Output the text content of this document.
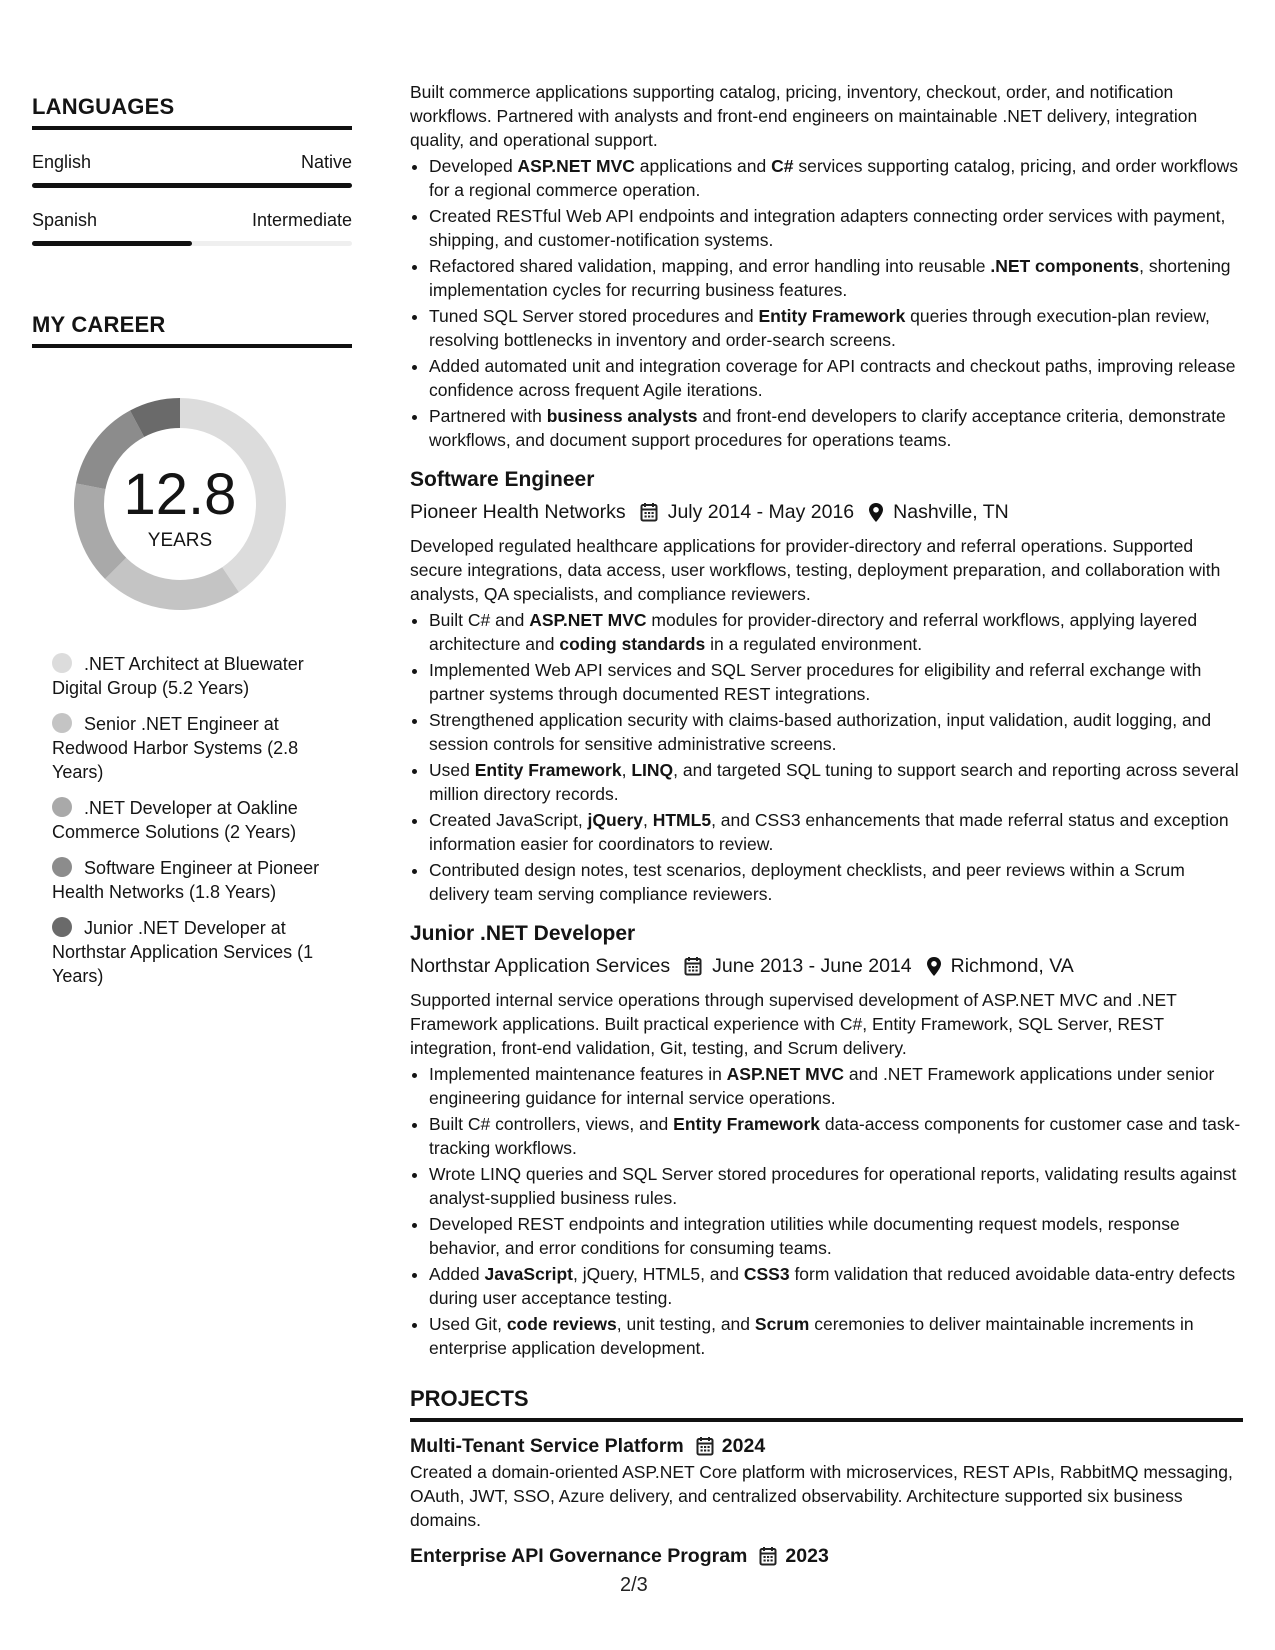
LANGUAGES
English	Native
Spanish	Intermediate
MY CAREER
12.8
YEARS
.NET Architect at Bluewater Digital Group (5.2 Years)
Senior .NET Engineer at Redwood Harbor Systems (2.8 Years)
.NET Developer at Oakline Commerce Solutions (2 Years)
Software Engineer at Pioneer Health Networks (1.8 Years)
Junior .NET Developer at Northstar Application Services (1 Years)

Built commerce applications supporting catalog, pricing, inventory, checkout, order, and notification workflows. Partnered with analysts and front-end engineers on maintainable .NET delivery, integration quality, and operational support.

• Developed ASP.NET MVC applications and C# services supporting catalog, pricing, and order workflows for a regional commerce operation.
• Created RESTful Web API endpoints and integration adapters connecting order services with payment, shipping, and customer-notification systems.
• Refactored shared validation, mapping, and error handling into reusable .NET components, shortening implementation cycles for recurring business features.
• Tuned SQL Server stored procedures and Entity Framework queries through execution-plan review, resolving bottlenecks in inventory and order-search screens.
• Added automated unit and integration coverage for API contracts and checkout paths, improving release confidence across frequent Agile iterations.
• Partnered with business analysts and front-end developers to clarify acceptance criteria, demonstrate workflows, and document support procedures for operations teams.
Software Engineer
Pioneer Health Networks July 2014 - May 2016 Nashville, TN

Developed regulated healthcare applications for provider-directory and referral operations. Supported secure integrations, data access, user workflows, testing, deployment preparation, and collaboration with analysts, QA specialists, and compliance reviewers.

• Built C# and ASP.NET MVC modules for provider-directory and referral workflows, applying layered architecture and coding standards in a regulated environment.
• Implemented Web API services and SQL Server procedures for eligibility and referral exchange with partner systems through documented REST integrations.
• Strengthened application security with claims-based authorization, input validation, audit logging, and session controls for sensitive administrative screens.
• Used Entity Framework, LINQ, and targeted SQL tuning to support search and reporting across several million directory records.
• Created JavaScript, jQuery, HTML5, and CSS3 enhancements that made referral status and exception information easier for coordinators to review.
• Contributed design notes, test scenarios, deployment checklists, and peer reviews within a Scrum delivery team serving compliance reviewers.
Junior .NET Developer
Northstar Application Services June 2013 - June 2014 Richmond, VA

Supported internal service operations through supervised development of ASP.NET MVC and .NET Framework applications. Built practical experience with C#, Entity Framework, SQL Server, REST integration, front-end validation, Git, testing, and Scrum delivery.

• Implemented maintenance features in ASP.NET MVC and .NET Framework applications under senior engineering guidance for internal service operations.
• Built C# controllers, views, and Entity Framework data-access components for customer case and task-tracking workflows.
• Wrote LINQ queries and SQL Server stored procedures for operational reports, validating results against analyst-supplied business rules.
• Developed REST endpoints and integration utilities while documenting request models, response behavior, and error conditions for consuming teams.
• Added JavaScript, jQuery, HTML5, and CSS3 form validation that reduced avoidable data-entry defects during user acceptance testing.
• Used Git, code reviews, unit testing, and Scrum ceremonies to deliver maintainable increments in enterprise application development.
PROJECTS
Multi-Tenant Service Platform 2024

Created a domain-oriented ASP.NET Core platform with microservices, REST APIs, RabbitMQ messaging, OAuth, JWT, SSO, Azure delivery, and centralized observability. Architecture supported six business domains.

Enterprise API Governance Program 2023
2/3
